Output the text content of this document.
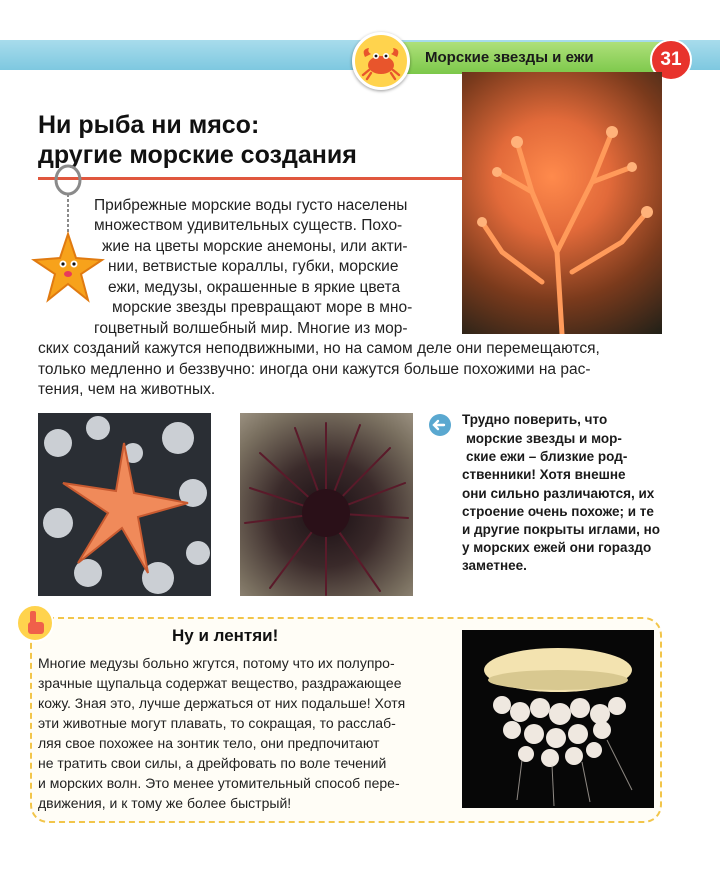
Морские звезды и ежи	31
Ни рыба ни мясо:
другие морские создания
Прибрежные морские воды густо населены
множеством удивительных существ. Похо-
жие на цветы морские анемоны, или акти-
нии, ветвистые кораллы, губки, морские
ежи, медузы, окрашенные в яркие цвета
морские звезды превращают море в мно-
гоцветный волшебный мир. Многие из мор-
ских созданий кажутся неподвижными, но на самом деле они перемещаются,
только медленно и беззвучно: иногда они кажутся больше похожими на рас-
тения, чем на животных.
Трудно поверить, что
морские звезды и мор-
ские ежи – близкие род-
ственники! Хотя внешне
они сильно различаются, их
строение очень похоже; и те
и другие покрыты иглами, но
у морских ежей они гораздо
заметнее.
Ну и лентяи!
Многие медузы больно жгутся, потому что их полупро-
зрачные щупальца содержат вещество, раздражающее
кожу. Зная это, лучше держаться от них подальше! Хотя
эти животные могут плавать, то сокращая, то расслаб-
ляя свое похожее на зонтик тело, они предпочитают
не тратить свои силы, а дрейфовать по воле течений
и морских волн. Это менее утомительный способ пере-
движения, и к тому же более быстрый!
